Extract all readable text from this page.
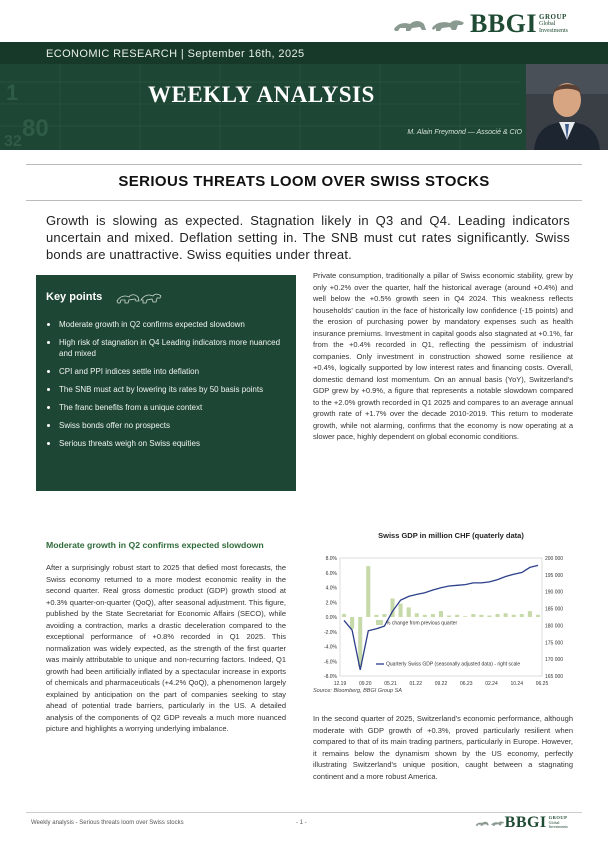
BBGI GROUP
Global
Investments
1
80
32
ECONOMIC RESEARCH | September 16th, 2025
WEEKLY ANALYSIS
M. Alain Freymond — Associé & CIO
SERIOUS THREATS LOOM OVER SWISS STOCKS
Growth is slowing as expected. Stagnation likely in Q3 and Q4. Leading indicators uncertain and mixed. Deflation setting in. The SNB must cut rates significantly. Swiss bonds are unattractive. Swiss equities under threat.
Key points
Moderate growth in Q2 confirms expected slowdown
High risk of stagnation in Q4 Leading indicators more nuanced and mixed
CPI and PPI indices settle into deflation
The SNB must act by lowering its rates by 50 basis points
The franc benefits from a unique context
Swiss bonds offer no prospects
Serious threats weigh on Swiss equities
Moderate growth in Q2 confirms expected slowdown
After a surprisingly robust start to 2025 that defied most forecasts, the Swiss economy returned to a more modest economic reality in the second quarter. Real gross domestic product (GDP) growth stood at +0.3% quarter-on-quarter (QoQ), after seasonal adjustment. This figure, published by the State Secretariat for Economic Affairs (SECO), while avoiding a contraction, marks a drastic deceleration compared to the exceptional performance of +0.8% recorded in Q1 2025. This normalization was widely expected, as the strength of the first quarter was mainly attributable to unique and non-recurring factors. Indeed, Q1 growth had been artificially inflated by a spectacular increase in exports of chemicals and pharmaceuticals (+4.2% QoQ), a phenomenon largely explained by anticipation on the part of companies seeking to stay ahead of potential trade barriers, particularly in the US. A detailed analysis of the components of Q2 GDP reveals a much more nuanced picture and highlights a worrying underlying imbalance.
Private consumption, traditionally a pillar of Swiss economic stability, grew by only +0.2% over the quarter, half the historical average (around +0.4%) and well below the +0.5% growth seen in Q4 2024. This weakness reflects households' caution in the face of historically low confidence (-15 points) and the erosion of purchasing power by mandatory expenses such as health insurance premiums. Investment in capital goods also stagnated at +0.1%, far from the +0.4% recorded in Q1, reflecting the pessimism of industrial companies. Only investment in construction showed some resilience at +0.4%, logically supported by low interest rates and financing costs. Overall, domestic demand lost momentum. On an annual basis (YoY), Switzerland's GDP grew by +0.9%, a figure that represents a notable slowdown compared to the +2.0% growth recorded in Q1 2025 and compares to an average annual growth rate of +1.7% over the decade 2010-2019. This return to moderate growth, while not alarming, confirms that the economy is now operating at a slower pace, highly dependent on global economic conditions.
Swiss GDP in million CHF (quaterly data)
8.0%
6.0%
4.0%
2.0%
0.0%
-2.0%
-4.0%
-6.0%
-8.0%
200 000
195 000
190 000
185 000
180 000
175 000
170 000
165 000
12.19	09.20	05.21	01.22	09.22	06.23	02.24	10.24	06.25
% change from previous quarter
Quarterly Swiss GDP (seasonally adjusted data) - right scale
Source: Bloomberg, BBGI Group SA
In the second quarter of 2025, Switzerland's economic performance, although moderate with GDP growth of +0.3%, proved particularly resilient when compared to that of its main trading partners, particularly in Europe. However, it remains below the dynamism shown by the US economy, perfectly illustrating Switzerland's unique position, caught between a stagnating continent and a more robust America.
Weekly analysis - Serious threats loom over Swiss stocks	- 1 -	BBGI GROUP
Global
Investments
